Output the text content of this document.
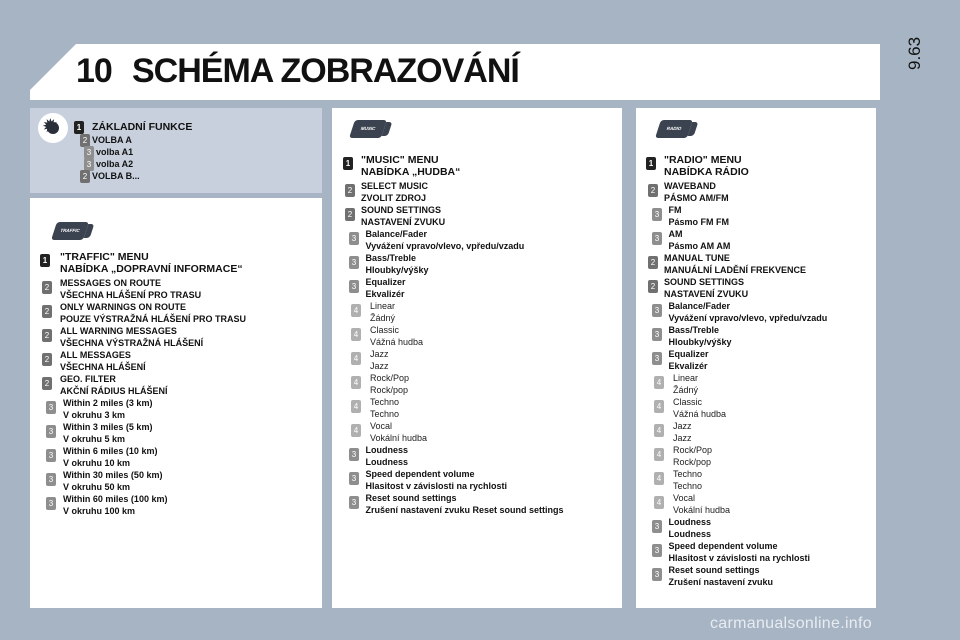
10 SCHÉMA ZOBRAZOVÁNÍ	9.63
✹
TRAFFIC
MUSIC	RADIO
1 ZÁKLADNÍ FUNKCE
2 VOLBA A
3 volba A1
3 volba A2
2 VOLBA B...
1 "TRAFFIC" MENU
NABÍDKA „DOPRAVNÍ INFORMACE“
2	MESSAGES ON ROUTE
VŠECHNA HLÁŠENÍ PRO TRASU
2	ONLY WARNINGS ON ROUTE
POUZE VÝSTRAŽNÁ HLÁŠENÍ PRO TRASU
2	ALL WARNING MESSAGES
VŠECHNA VÝSTRAŽNÁ HLÁŠENÍ
2	ALL MESSAGES
VŠECHNA HLÁŠENÍ
2	GEO. FILTER
AKČNÍ RÁDIUS HLÁŠENÍ
3	Within 2 miles (3 km)
V okruhu 3 km
3	Within 3 miles (5 km)
V okruhu 5 km
3	Within 6 miles (10 km)
V okruhu 10 km
3	Within 30 miles (50 km)
V okruhu 50 km
3	Within 60 miles (100 km)
V okruhu 100 km
1 "MUSIC" MENU
NABÍDKA „HUDBA“
2 SELECT MUSIC
ZVOLIT ZDROJ
2 SOUND SETTINGS
NASTAVENÍ ZVUKU
3	Balance/Fader
Vyvážení vpravo/vlevo, vpředu/vzadu
3	Bass/Treble
Hloubky/výšky
3	Equalizer
Ekvalizér
4	Linear
Žádný
4	Classic
Vážná hudba
4	Jazz
Jazz
4	Rock/Pop
Rock/pop
4	Techno
Techno
4	Vocal
Vokální hudba
3	Loudness
Loudness
3	Speed dependent volume
Hlasitost v závislosti na rychlosti
3	Reset sound settings
Zrušení nastavení zvuku Reset sound settings
1 "RADIO" MENU
NABÍDKA RÁDIO
2 WAVEBAND
PÁSMO AM/FM
3	FM
Pásmo FM FM
3	AM
Pásmo AM AM
2 MANUAL TUNE
MANUÁLNÍ LADĚNÍ FREKVENCE
2 SOUND SETTINGS
NASTAVENÍ ZVUKU
3	Balance/Fader
Vyvážení vpravo/vlevo, vpředu/vzadu
3	Bass/Treble
Hloubky/výšky
3	Equalizer
Ekvalizér
4	Linear
Žádný
4	Classic
Vážná hudba
4	Jazz
Jazz
4	Rock/Pop
Rock/pop
4	Techno
Techno
4	Vocal
Vokální hudba
3	Loudness
Loudness
3	Speed dependent volume
Hlasitost v závislosti na rychlosti
3	Reset sound settings
Zrušení nastavení zvuku
carmanualsonline.info
